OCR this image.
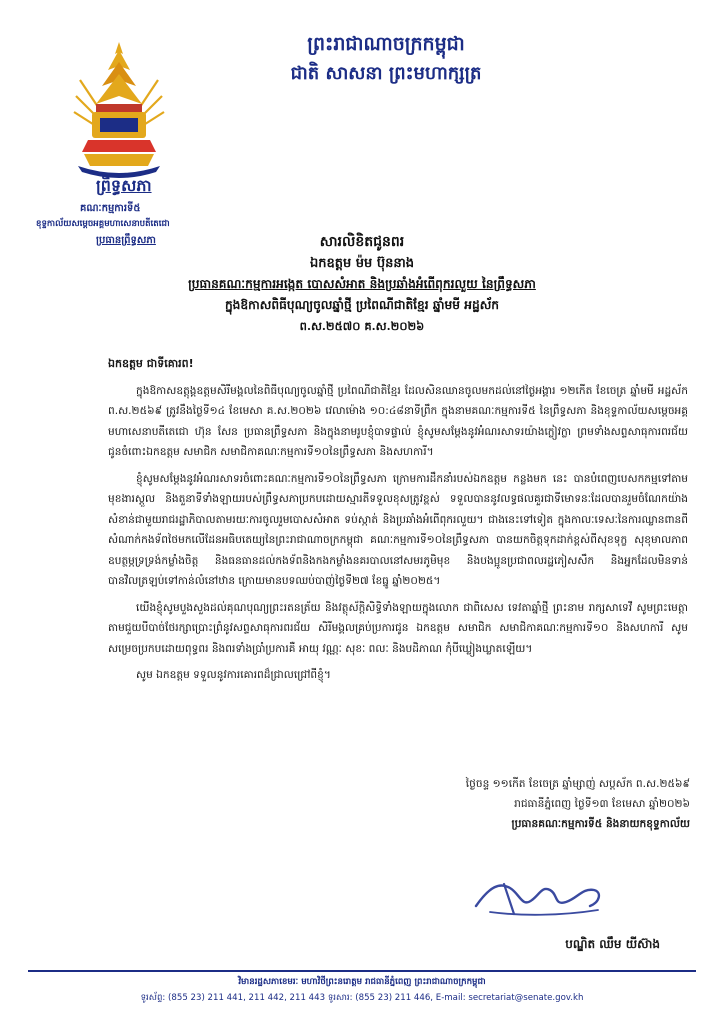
ព្រះរាជាណាចក្រកម្ពុជា
ជាតិ សាសនា ព្រះមហាក្សត្រ
ព្រឹទ្ធសភា
គណៈកម្មការទី៥
ខុទ្ទកាល័យសម្តេចអគ្គមហាសេនាបតីតេជោ
ប្រធានព្រឹទ្ធសភា	សារលិខិតជូនពរ
ឯកឧត្តម ម៉ម ប៊ុននាង
ប្រធានគណៈកម្មការអង្កេត បោសសំអាត និងប្រឆាំងអំពើពុករលួយ នៃព្រឹទ្ធសភា
ក្នុងឱកាសពិធីបុណ្យចូលឆ្នាំថ្មី ប្រពៃណីជាតិខ្មែរ ឆ្នាំមមី អដ្ឋស័ក
ព.ស.២៥៧០ គ.ស.២០២៦
ឯកឧត្តម ជាទីគោរព!

ក្នុងឱកាសឧត្តុង្គឧត្តមសិរីមង្គលនៃពិធីបុណ្យចូលឆ្នាំថ្មី ប្រពៃណីជាតិខ្មែរ ដែលសិនឈានចូលមកដល់នៅថ្ងៃអង្គារ ១២កើត ខែចេត្រ ឆ្នាំមមី អដ្ឋស័ក ព.ស.២៥៦៩ ត្រូវនឹងថ្ងៃទី១៤ ខែមេសា គ.ស.២០២៦ វេលាម៉ោង ១០:៤៨នាទីព្រឹក ក្នុងនាមគណៈកម្មការទី៥ នៃព្រឹទ្ធសភា និងខុទ្ទកាល័យសម្តេចអគ្គមហាសេនាបតីតេជោ ហ៊ុន សែន ប្រធានព្រឹទ្ធសភា និងក្នុងនាមរូបខ្ញុំបាទផ្ទាល់ ខ្ញុំសូមសម្តែងនូវអំណរសាទរយ៉ាងក្លៀវក្លា ព្រមទាំងសព្ទសាធុការពរជ័យ ជូនចំពោះឯកឧត្តម សមាជិក សមាជិកាគណៈកម្មការទី១០នៃព្រឹទ្ធសភា និងសហការី។

ខ្ញុំសូមសម្តែងនូវអំណរសាទរចំពោះគណៈកម្មការទី១០នៃព្រឹទ្ធសភា ក្រោមការដឹកនាំរបស់ឯកឧត្តម កន្លងមក នេះ បានបំពេញបេសកកម្មទៅតាមមុខងារស្តួល និងតួនាទីទាំងឡាយរបស់ព្រឹទ្ធសភាប្រកបដោយស្មារតីទទួលខុសត្រូវខ្ពស់ ទទួលបាននូវលទ្ធផលគួរជាទីមោទនៈដែលបានរួមចំណែកយ៉ាងសំខាន់ជាមួយរាជរដ្ឋាភិបាលតាមរយៈការចូលរួមបោសសំអាត ទប់ស្កាត់ និងប្រឆាំងអំពើពុករលួយ។ ជាងនេះទៅទៀត ក្នុងកាលៈទេសៈនៃការឈ្លានពានពីសំណាក់កងទ័ពថៃមកលើដែនអធិបតេយ្យនៃព្រះរាជាណាចក្រកម្ពុជា គណៈកម្មការទី១០នៃព្រឹទ្ធសភា បានយកចិត្តទុកដាក់ខ្ពស់ពីសុខទុក្ខ សុខុមាលភាព ឧបត្ថម្ភទ្រទ្រង់កម្លាំងចិត្ត និងធនធានដល់កងទ័ពនិងកងកម្លាំងនគរបាលនៅសមរភូមិមុខ និងបងប្អូនប្រជាពលរដ្ឋភៀសសឹក និងអ្នកដែលមិនទាន់បានវិលត្រឡប់ទៅកាន់លំនៅឋាន ក្រោយមានបទឈប់បាញ់ថ្ងៃទី២៧ ខែធ្នូ ឆ្នាំ២០២៥។

យើងខ្ញុំសូមបួងសួងដល់គុណបុណ្យព្រះរតនត្រ័យ និងវត្ថុស័ក្តិសិទ្ធិទាំងឡាយក្នុងលោក ជាពិសេស ទេវតាឆ្នាំថ្មី ព្រះនាម រាក្សសាទេវី សូមព្រះមេត្តាតាមជួយបីបាច់ថែរក្សាប្រោះព្រំនូវសព្ទសាធុការពរជ័យ សិរីមង្គលគ្រប់ប្រការជូន ឯកឧត្តម សមាជិក សមាជិកាគណៈកម្មការទី១០ និងសហការី សូមសម្រេចប្រកបដោយពុទ្ធពរ និងពរទាំងប្រាំប្រការគឺ អាយុ វណ្ណៈ សុខៈ ពលៈ និងបដិភាណ កុំបីឃ្លៀងឃ្លាតឡើយ។

សូម ឯកឧត្តម ទទួលនូវការគោរពដ៏ជ្រាលជ្រៅពីខ្ញុំ។

ថ្ងៃចន្ទ ១១កើត ខែចេត្រ ឆ្នាំម្សាញ់ សប្តស័ក ព.ស.២៥៦៩
រាជធានីភ្នំពេញ ថ្ងៃទី១៣ ខែមេសា ឆ្នាំ២០២៦
ប្រធានគណៈកម្មការទី៥ និងនាយកខុទ្ទកាល័យ
បណ្ឌិត ឈឹម យីស៊ាង
វិមានរដ្ឋសភាខេមរៈ មហាវិថីព្រះនរោត្តម រាជធានីភ្នំពេញ ព្រះរាជាណាចក្រកម្ពុជា
ទូរស័ព្ទ: (855 23) 211 441, 211 442, 211 443 ទូរសារ: (855 23) 211 446, E-mail: secretariat@senate.gov.kh
